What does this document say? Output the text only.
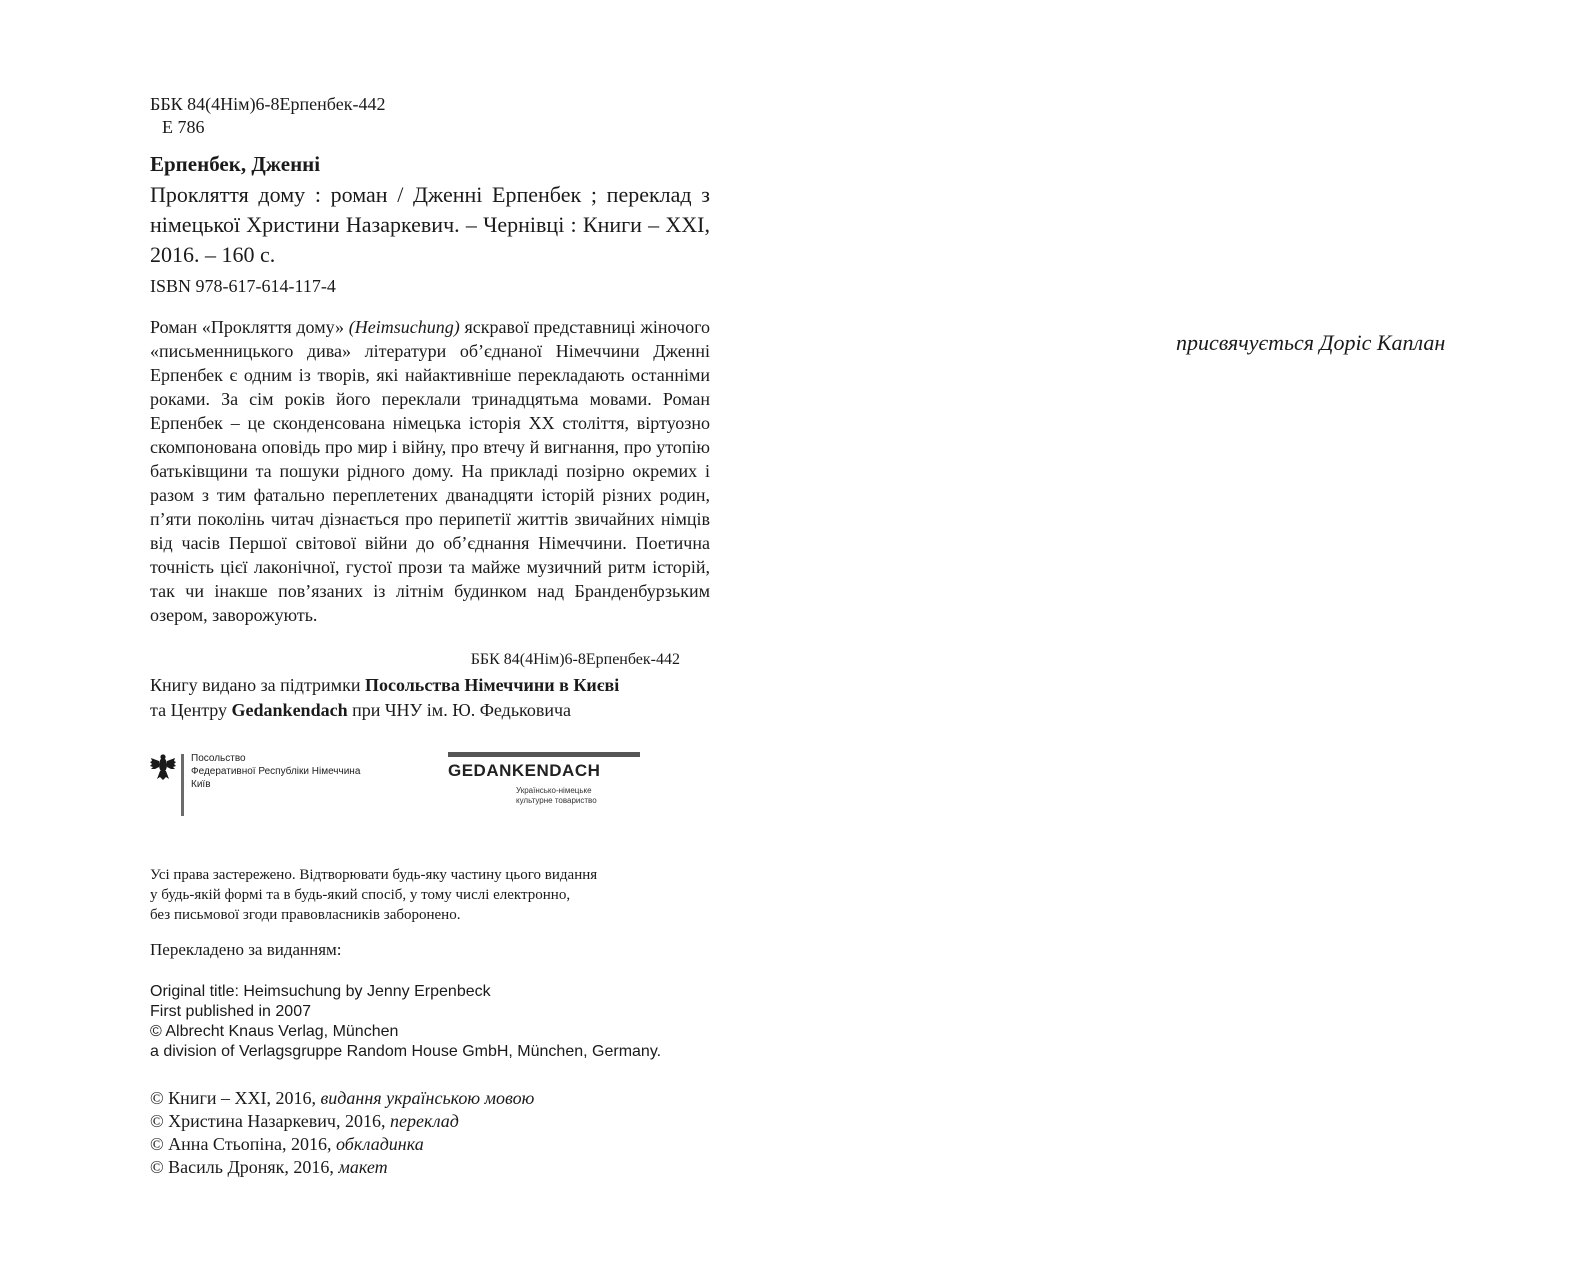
ББК 84(4Нім)6-8Ерпенбек-442
Е 786
Ерпенбек, Дженні
Прокляття дому : роман / Дженні Ерпенбек ; переклад з німецької Христини Назаркевич. – Чернівці : Книги – XXI, 2016. – 160 с.
ISBN 978-617-614-117-4
Роман «Прокляття дому» (Heimsuchung) яскравої представниці жіночого «письменницького дива» літератури об’єднаної Німеччини Дженні Ерпенбек є одним із творів, які найактивніше перекладають останніми роками. За сім років його переклали тринадцятьма мовами. Роман Ерпенбек – це сконденсована німецька історія ХХ століття, віртуозно скомпонована оповідь про мир і війну, про втечу й вигнання, про утопію батьківщини та пошуки рідного дому. На прикладі позірно окремих і разом з тим фатально переплетених дванадцяти історій різних родин, п’яти поколінь читач дізнається про перипетії життів звичайних німців від часів Першої світової війни до об’єднання Німеччини. Поетична точність цієї лаконічної, густої прози та майже музичний ритм історій, так чи інакше пов’язаних із літнім будинком над Бранденбурзьким озером, заворожують.
ББК 84(4Нім)6-8Ерпенбек-442
Книгу видано за підтримки Посольства Німеччини в Києві
та Центру Gedankendach при ЧНУ ім. Ю. Федьковича
Посольство
Федеративної Республіки Німеччина
Київ
GEDANKENDACH
Українсько-німецьке
культурне товариство
Усі права застережено. Відтворювати будь-яку частину цього видання
у будь-якій формі та в будь-який спосіб, у тому числі електронно,
без письмової згоди правовласників заборонено.
Перекладено за виданням:
Original title: Heimsuchung by Jenny Erpenbeck
First published in 2007
© Albrecht Knaus Verlag, München
a division of Verlagsgruppe Random House GmbH, München, Germany.
© Книги – XXI, 2016, видання українською мовою
© Христина Назаркевич, 2016, переклад
© Анна Стьопіна, 2016, обкладинка
© Василь Дроняк, 2016, макет
присвячується Доріс Каплан
